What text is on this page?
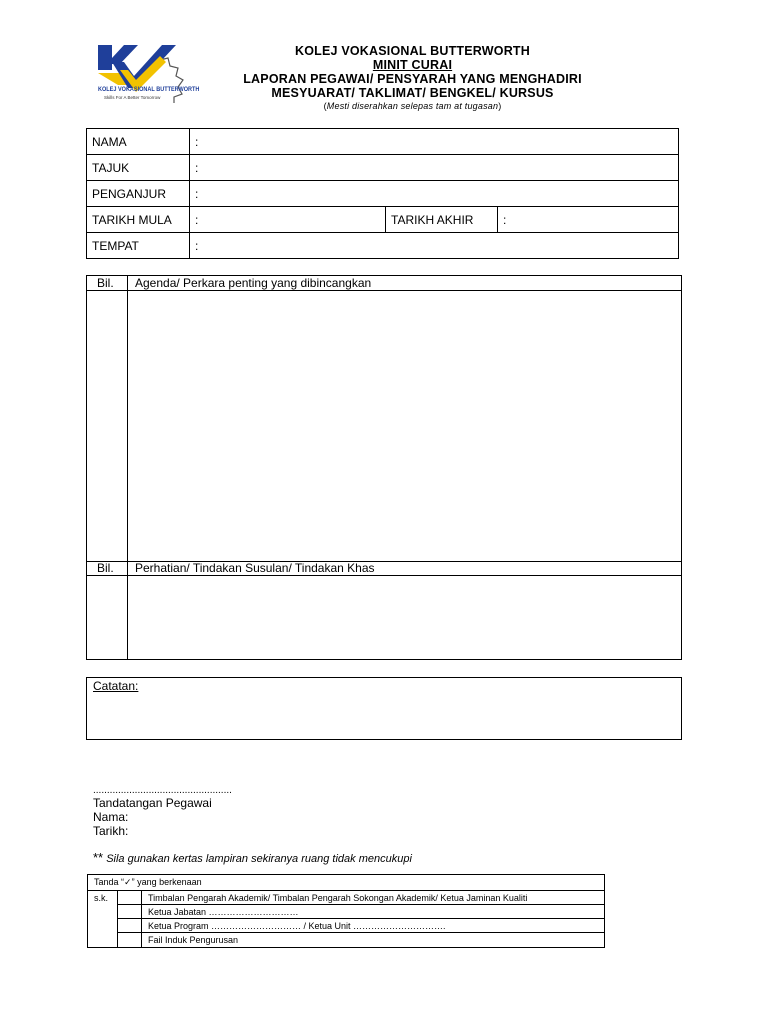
KOLEJ VOKASIONAL BUTTERWORTH
Skills For A Better Tomorrow
KOLEJ VOKASIONAL BUTTERWORTH
MINIT CURAI
LAPORAN PEGAWAI/ PENSYARAH YANG MENGHADIRI
MESYUARAT/ TAKLIMAT/ BENGKEL/ KURSUS
(Mesti diserahkan selepas tam at tugasan)
NAMA	:		
TAJUK	:		
PENGANJUR	:		
TARIKH MULA	:	TARIKH AKHIR	:
TEMPAT	:		
Bil. Agenda/ Perkara penting yang dibincangkan
Bil. Perhatian/ Tindakan Susulan/ Tindakan Khas
Catatan:
..................................................
Tandatangan Pegawai
Nama:
Tarikh:
** Sila gunakan kertas lampiran sekiranya ruang tidak mencukupi
Tanda “✓” yang berkenaan
s.k.	Timbalan Pengarah Akademik/ Timbalan Pengarah Sokongan Akademik/ Ketua Jaminan Kualiti
Ketua Jabatan …………………………
Ketua Program ………………………… / Ketua Unit ………………………….
Fail Induk Pengurusan
